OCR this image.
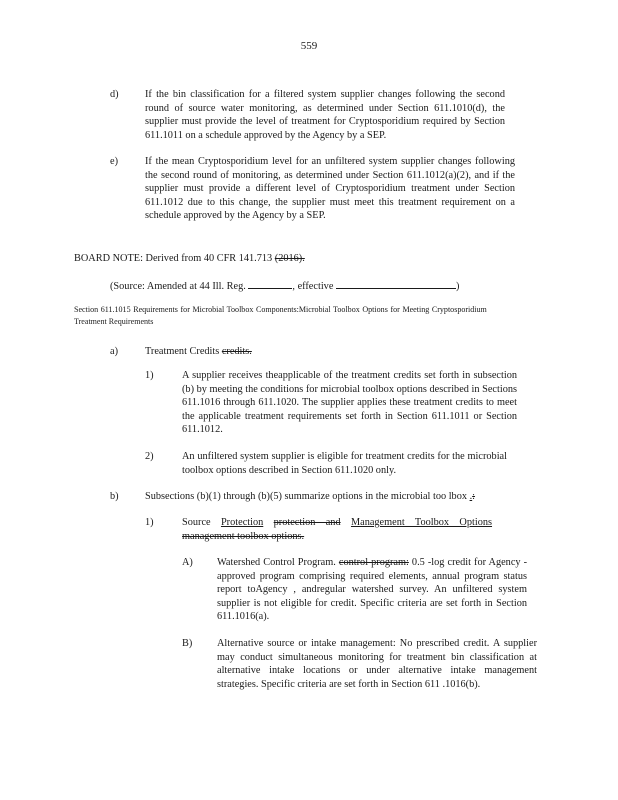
559
d)	If the bin classification for a filtered system supplier changes following the second round of source water monitoring, as determined under Section 611.1010(d), the supplier must provide the level of treatment for Cryptosporidium required by Section 611.1011 on a schedule approved by the Agency by a SEP.
e)	If the mean Cryptosporidium level for an unfiltered system supplier changes following the second round of monitoring, as determined under Section 611.1012(a)(2), and if the supplier must provide a different level of Cryptosporidium treatment under Section 611.1012 due to this change, the supplier must meet this treatment requirement on a schedule approved by the Agency by a SEP.
BOARD NOTE: Derived from 40 CFR 141.713 (2016).
(Source: Amended at 44 Ill. Reg.	, effective	)
Section 611.1015 Requirements for Microbial Toolbox Components:Microbial Toolbox Options for Meeting Cryptosporidium Treatment Requirements
a)	Treatment Credits credits.
1)	A supplier receives theapplicable of the treatment credits set forth in subsection (b) by meeting the conditions for microbial toolbox options described in Sections 611.1016 through 611.1020. The supplier applies these treatment credits to meet the applicable treatment requirements set forth in Section 611.1011 or Section 611.1012.
2)	An unfiltered system supplier is eligible for treatment credits for the microbial toolbox options described in Section 611.1020 only.
b)	Subsections (b)(1) through (b)(5) summarize options in the microbial too lbox .:
1)	Source Protection protection and Management Toolbox Options management toolbox options.
A) Watershed Control Program. control program: 0.5 -log credit for Agency -approved program comprising required elements, annual program status report toAgency , andregular watershed survey. An unfiltered system supplier is not eligible for credit. Specific criteria are set forth in Section 611.1016(a).
B) Alternative source or intake management: No prescribed credit. A supplier may conduct simultaneous monitoring for treatment bin classification at alternative intake locations or under alternative intake management strategies. Specific criteria are set forth in Section 611 .1016(b).
